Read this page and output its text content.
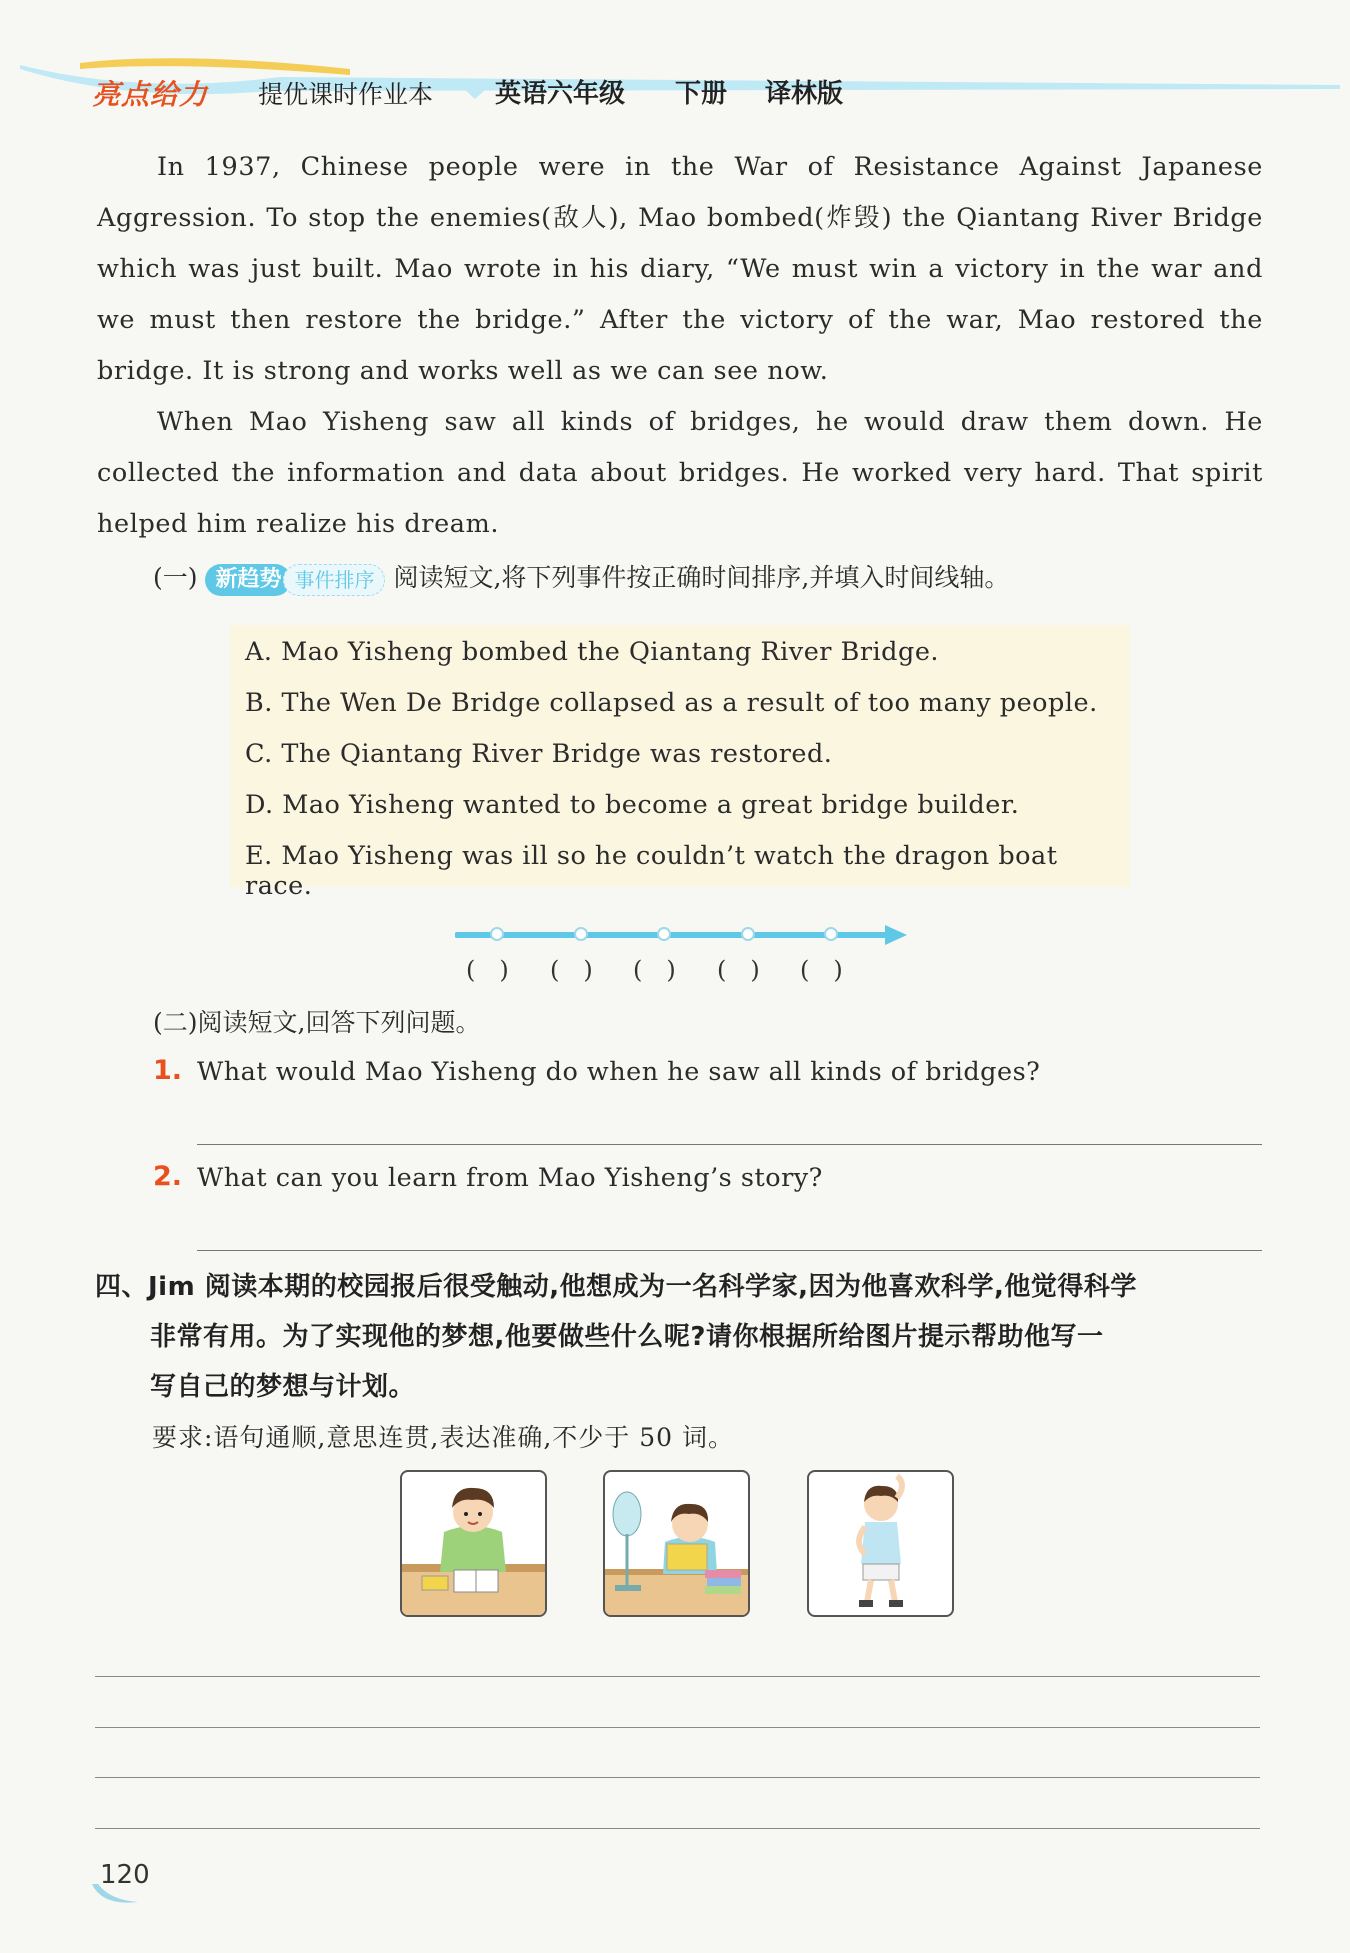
亮点给力 提优课时作业本 英语六年级 下册 译林版
In 1937, Chinese people were in the War of Resistance Against Japanese Aggression. To stop the enemies(敌人), Mao bombed(炸毁) the Qiantang River Bridge which was just built. Mao wrote in his diary, “We must win a victory in the war and we must then restore the bridge.” After the victory of the war, Mao restored the bridge. It is strong and works well as we can see now.
When Mao Yisheng saw all kinds of bridges, he would draw them down. He collected the information and data about bridges. He worked very hard. That spirit helped him realize his dream.
(一) 新趋势 事件排序 阅读短文,将下列事件按正确时间排序,并填入时间线轴。
A. Mao Yisheng bombed the Qiantang River Bridge.
B. The Wen De Bridge collapsed as a result of too many people.
C. The Qiantang River Bridge was restored.
D. Mao Yisheng wanted to become a great bridge builder.
E. Mao Yisheng was ill so he couldn’t watch the dragon boat race.
(　) (　) (　) (　) (　)
(二)阅读短文,回答下列问题。
1. What would Mao Yisheng do when he saw all kinds of bridges?
2. What can you learn from Mao Yisheng’s story?
四、Jim 阅读本期的校园报后很受触动,他想成为一名科学家,因为他喜欢科学,他觉得科学
非常有用。为了实现他的梦想,他要做些什么呢?请你根据所给图片提示帮助他写一
写自己的梦想与计划。
要求:语句通顺,意思连贯,表达准确,不少于 50 词。
120
